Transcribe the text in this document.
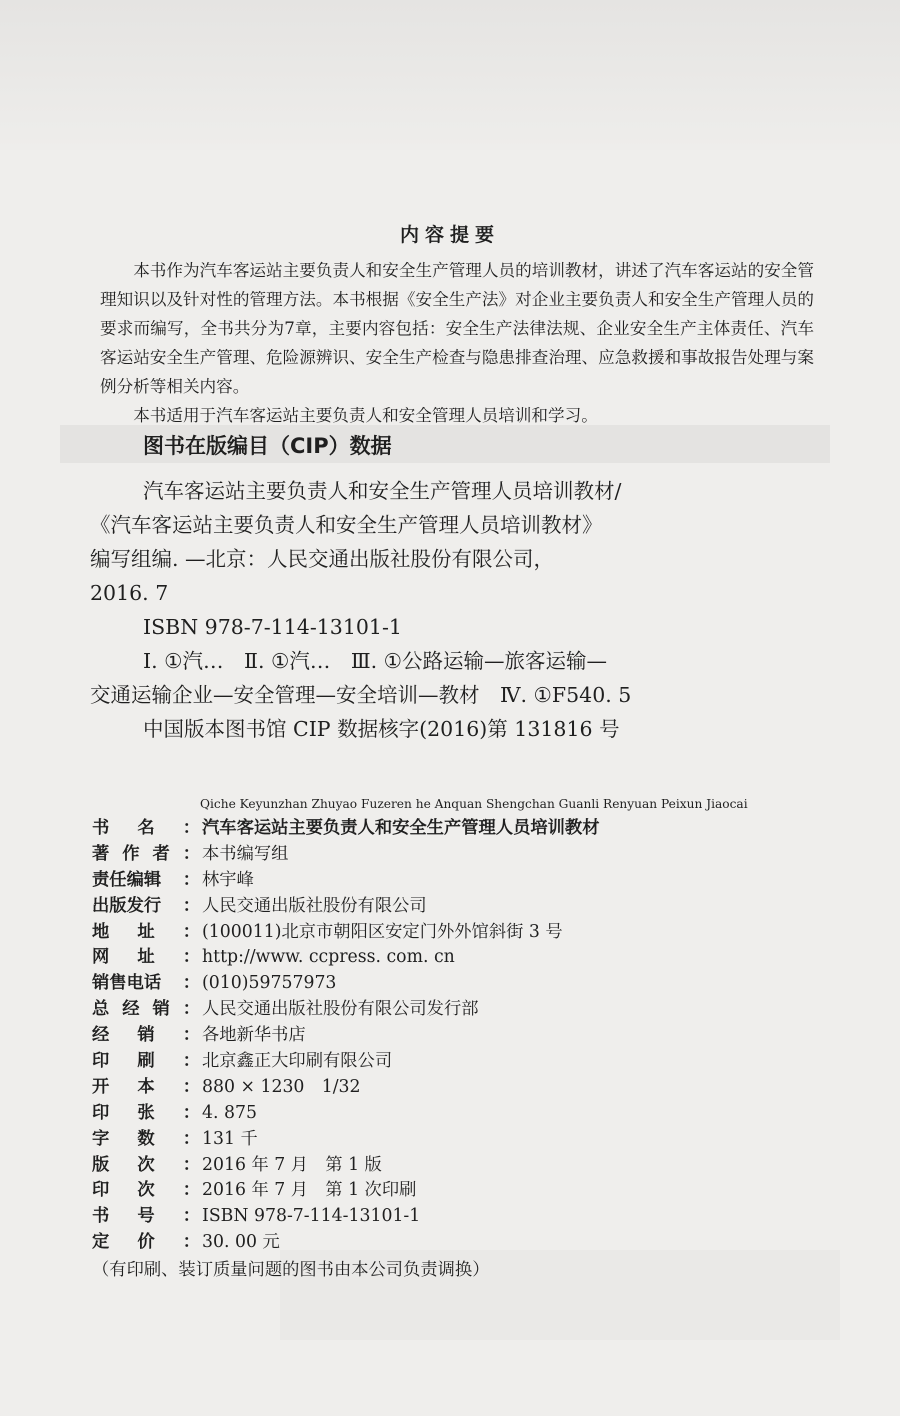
内容提要

本书作为汽车客运站主要负责人和安全生产管理人员的培训教材，讲述了汽车客运站的安全管理知识以及针对性的管理方法。本书根据《安全生产法》对企业主要负责人和安全生产管理人员的要求而编写，全书共分为7章，主要内容包括：安全生产法律法规、企业安全生产主体责任、汽车客运站安全生产管理、危险源辨识、安全生产检查与隐患排查治理、应急救援和事故报告处理与案例分析等相关内容。

本书适用于汽车客运站主要负责人和安全管理人员培训和学习。

图书在版编目（CIP）数据
汽车客运站主要负责人和安全生产管理人员培训教材/
《汽车客运站主要负责人和安全生产管理人员培训教材》
编写组编. —北京：人民交通出版社股份有限公司，
2016. 7
ISBN 978-7-114-13101-1
Ⅰ. ①汽…　Ⅱ. ①汽…　Ⅲ. ①公路运输—旅客运输—
交通运输企业—安全管理—安全培训—教材　Ⅳ. ①F540. 5
中国版本图书馆 CIP 数据核字(2016)第 131816 号
Qiche Keyunzhan Zhuyao Fuzeren he Anquan Shengchan Guanli Renyuan Peixun Jiaocai
书 名 ： 汽车客运站主要负责人和安全生产管理人员培训教材
著 作 者 ： 本书编写组
责任编辑 ： 林宇峰
出版发行 ： 人民交通出版社股份有限公司
地 址 ： (100011)北京市朝阳区安定门外外馆斜街 3 号
网 址 ： http://www. ccpress. com. cn
销售电话 ： (010)59757973
总 经 销 ： 人民交通出版社股份有限公司发行部
经 销 ： 各地新华书店
印 刷 ： 北京鑫正大印刷有限公司
开 本 ： 880 × 1230　1/32
印 张 ： 4. 875
字 数 ： 131 千
版 次 ： 2016 年 7 月　第 1 版
印 次 ： 2016 年 7 月　第 1 次印刷
书 号 ： ISBN 978-7-114-13101-1
定 价 ： 30. 00 元
（有印刷、装订质量问题的图书由本公司负责调换）
